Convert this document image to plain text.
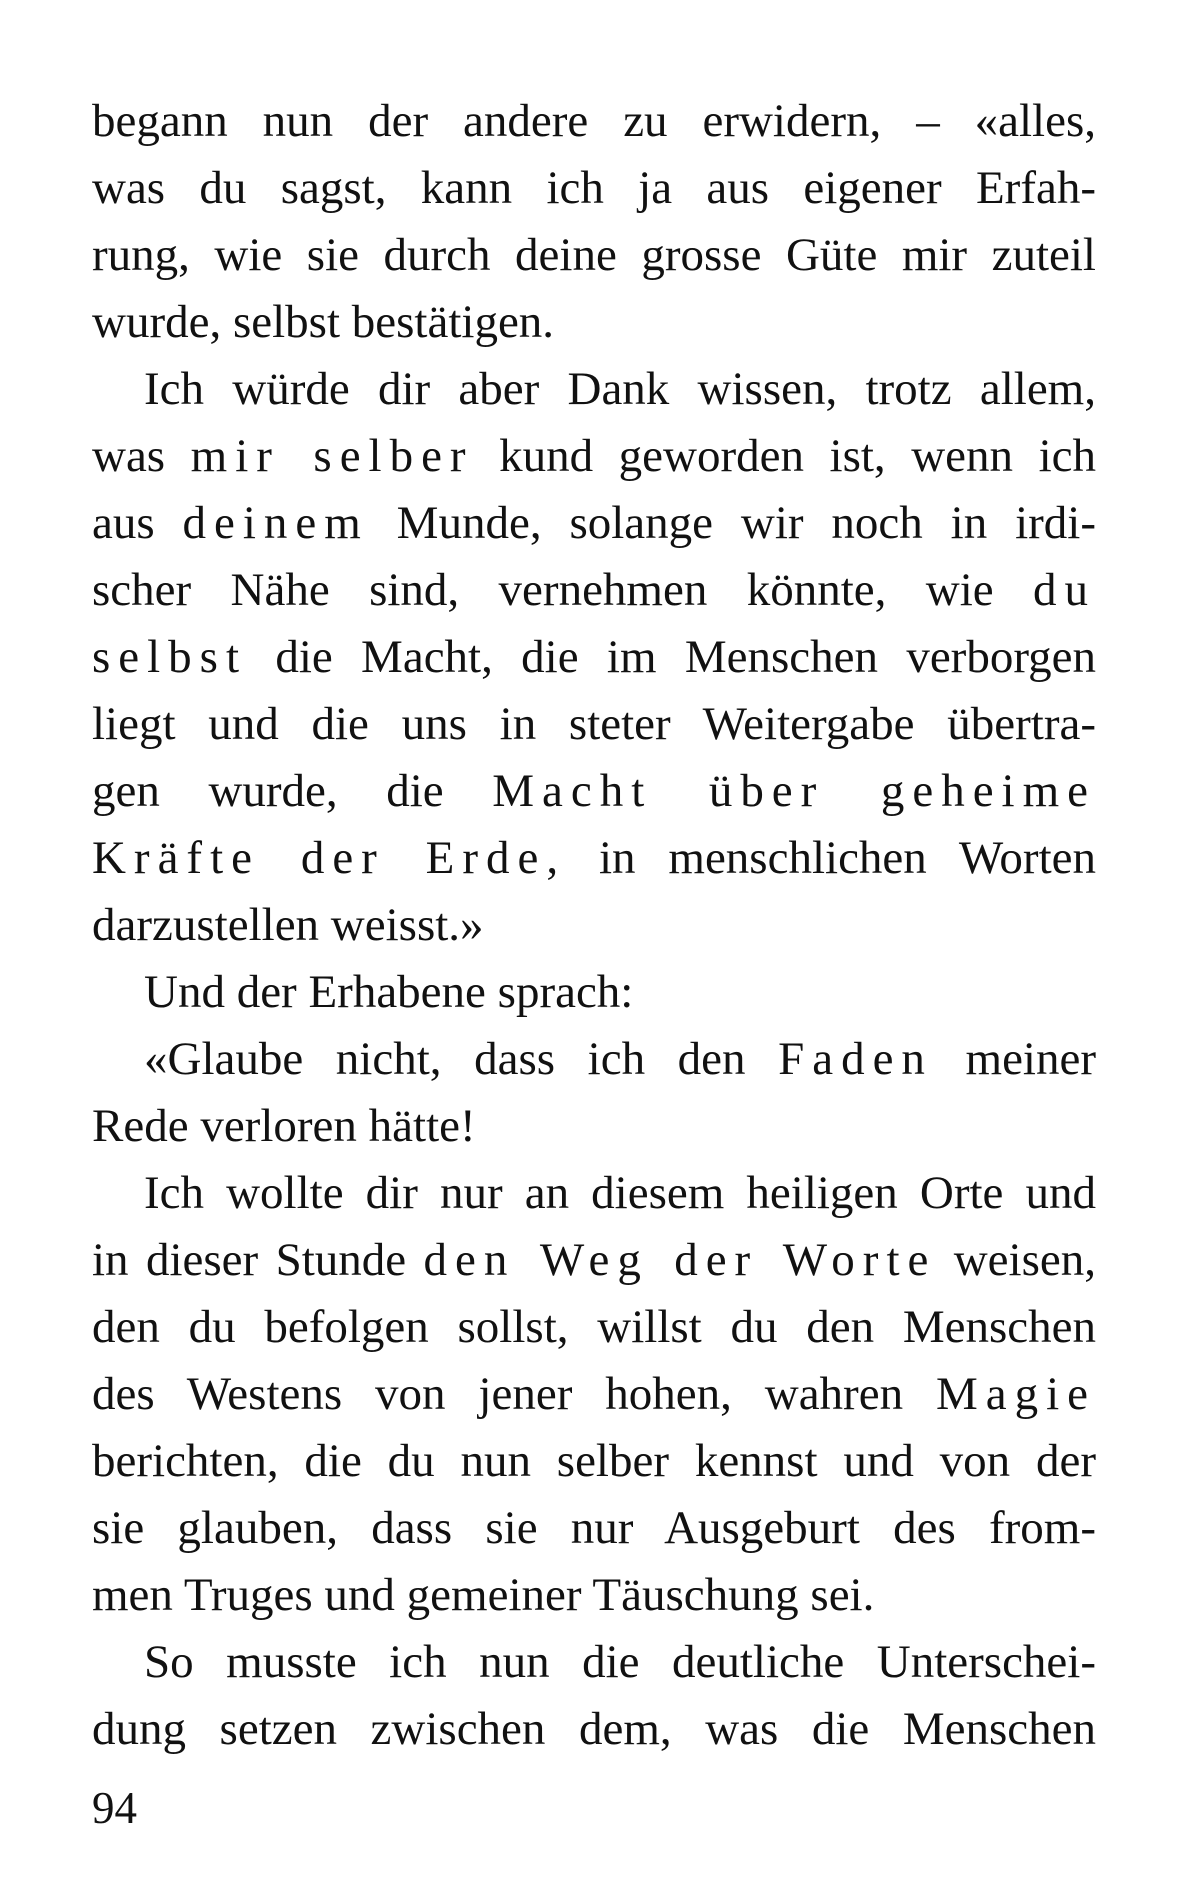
begann nun der andere zu erwidern, – «alles,
was du sagst, kann ich ja aus eigener Erfah-
rung, wie sie durch deine grosse Güte mir zuteil
wurde, selbst bestätigen.
Ich würde dir aber Dank wissen, trotz allem,
was mir selber kund geworden ist, wenn ich
aus deinem Munde, solange wir noch in irdi-
scher Nähe sind, vernehmen könnte, wie du
selbst die Macht, die im Menschen verborgen
liegt und die uns in steter Weitergabe übertra-
gen wurde, die Macht über geheime
Kräfte der Erde, in menschlichen Worten
darzustellen weisst.»
Und der Erhabene sprach:
«Glaube nicht, dass ich den Faden meiner
Rede verloren hätte!
Ich wollte dir nur an diesem heiligen Orte und
in dieser Stunde den Weg der Worte weisen,
den du befolgen sollst, willst du den Menschen
des Westens von jener hohen, wahren Magie
berichten, die du nun selber kennst und von der
sie glauben, dass sie nur Ausgeburt des from-
men Truges und gemeiner Täuschung sei.
So musste ich nun die deutliche Unterschei-
dung setzen zwischen dem, was die Menschen
94
